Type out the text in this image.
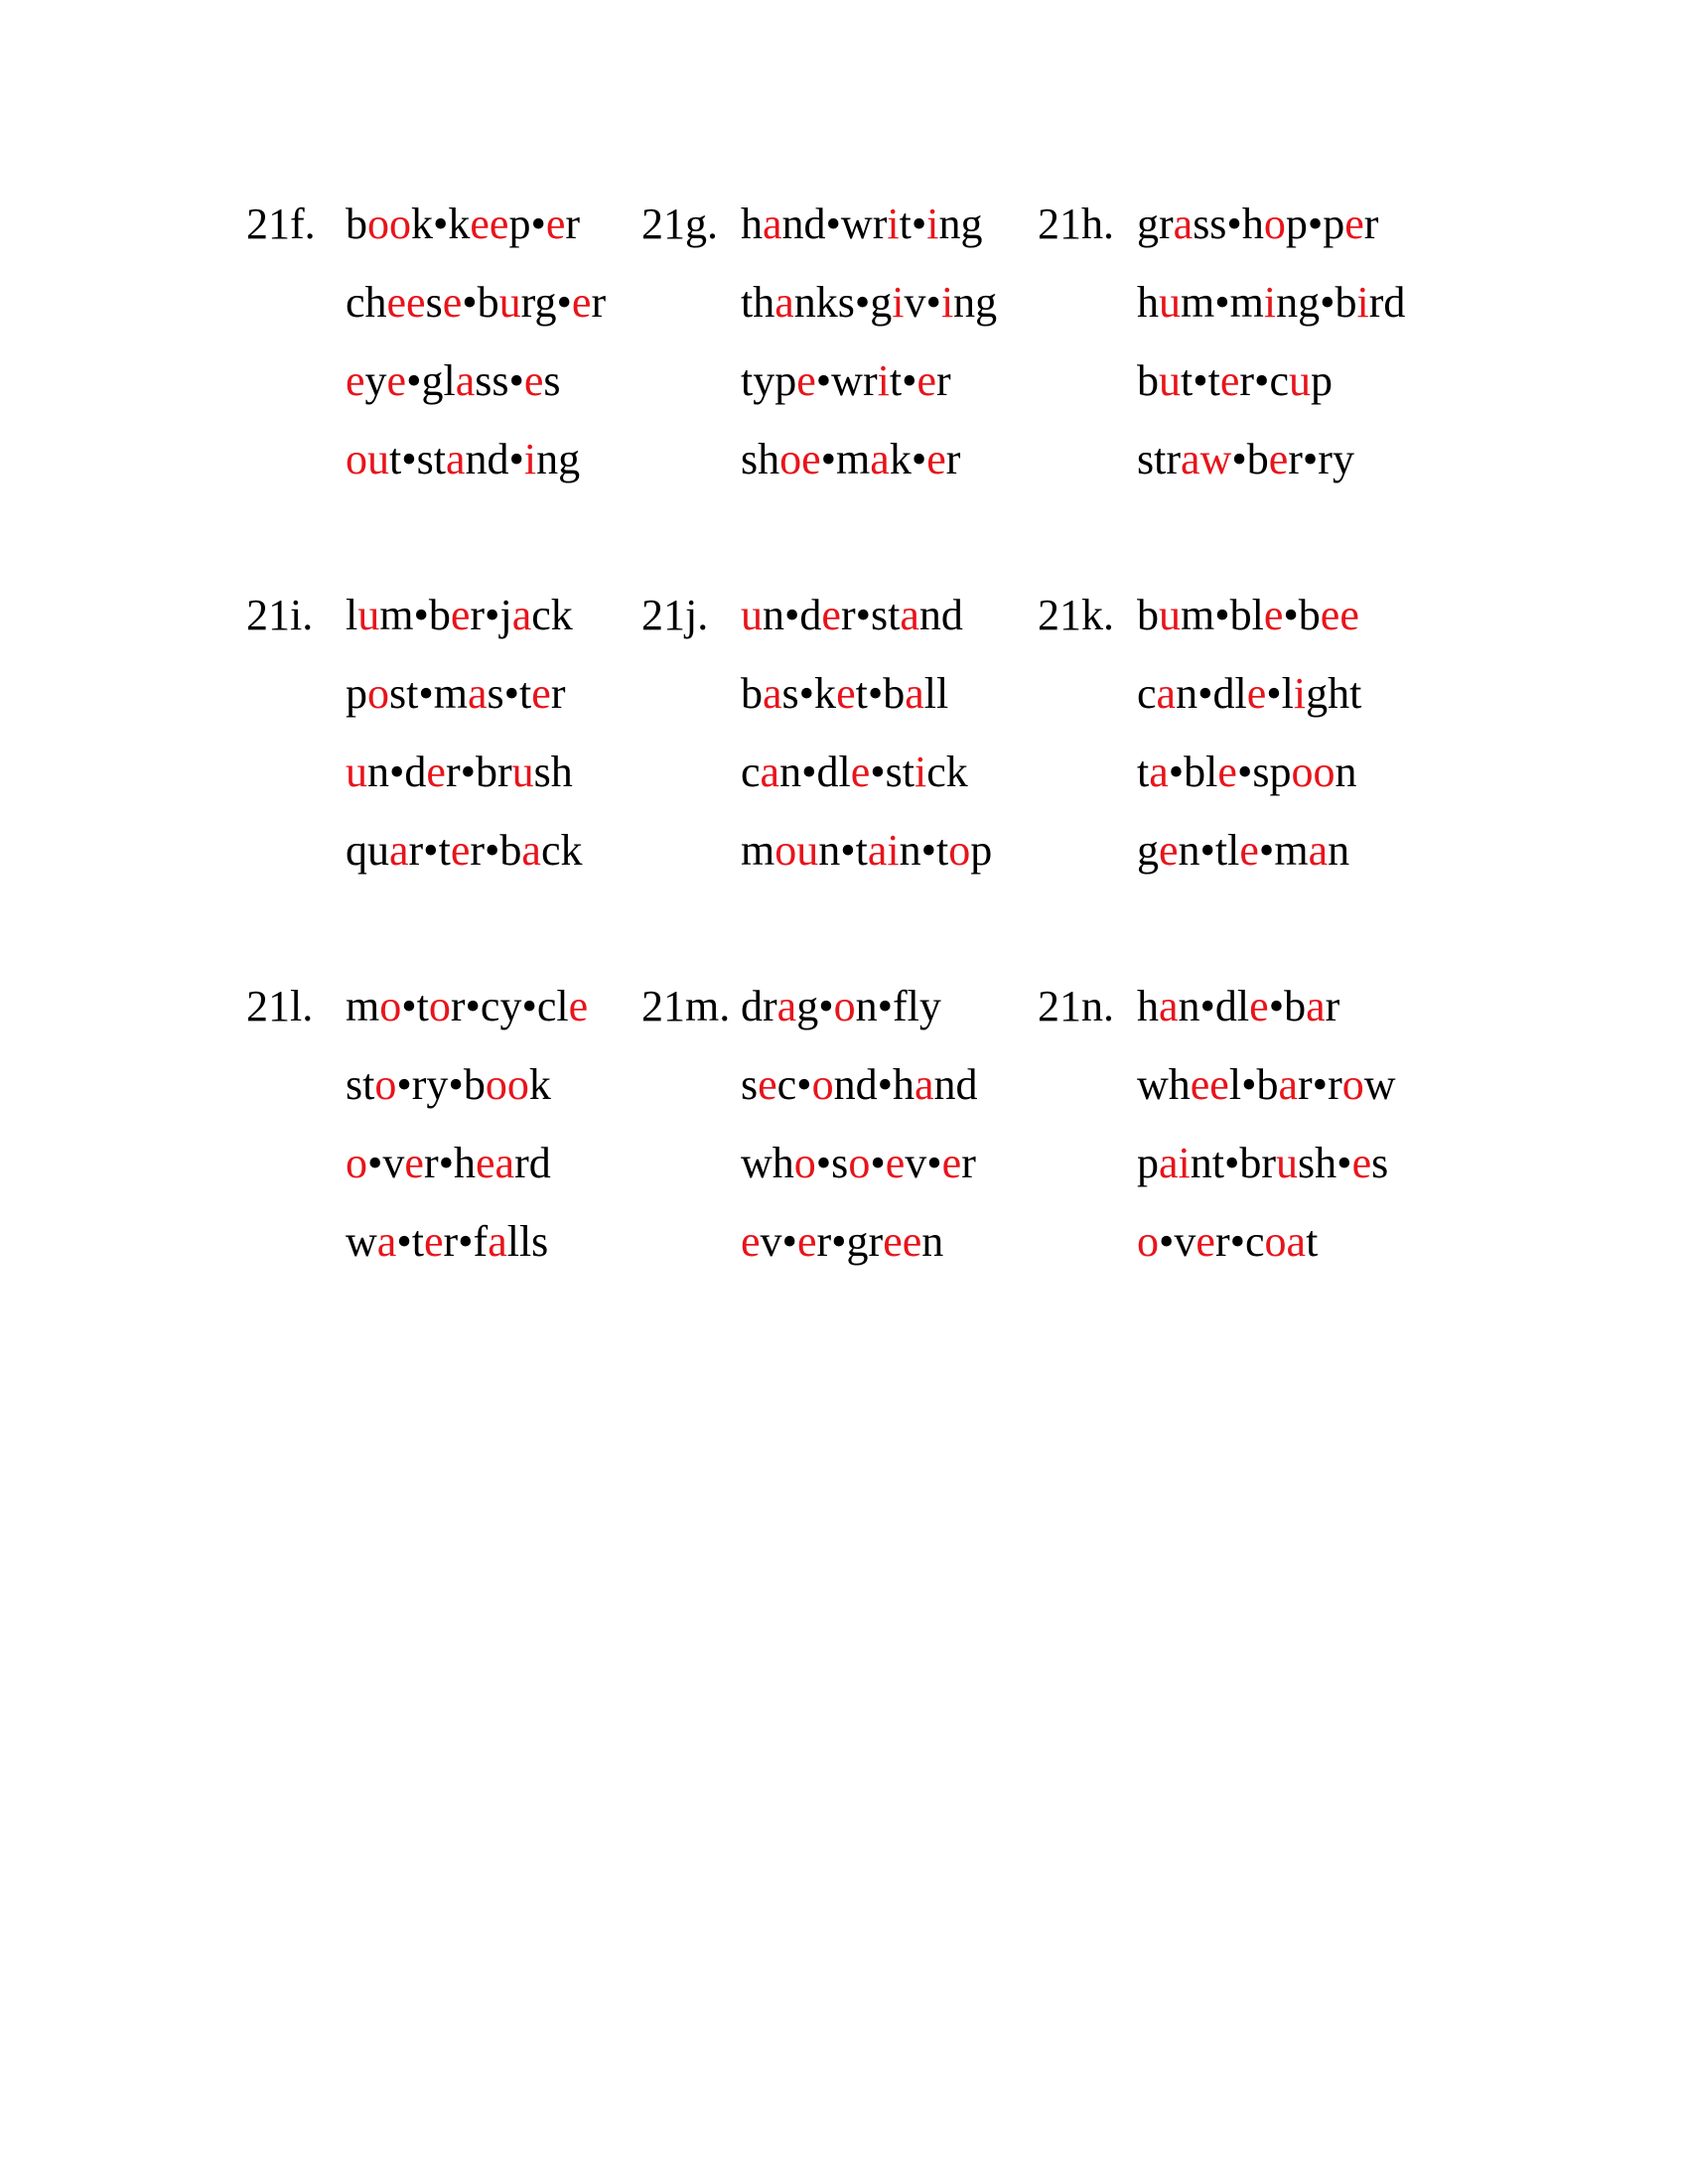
21f. book•keep•er
cheese•burg•er
eye•glass•es
out•stand•ing
21g. hand•writ•ing
thanks•giv•ing
type•writ•er
shoe•mak•er
21h. grass•hop•per
hum•ming•bird
but•ter•cup
straw•ber•ry
21i. lum•ber•jack
post•mas•ter
un•der•brush
quar•ter•back
21j. un•der•stand
bas•ket•ball
can•dle•stick
moun•tain•top
21k. bum•ble•bee
can•dle•light
ta•ble•spoon
gen•tle•man
21l. mo•tor•cy•cle
sto•ry•book
o•ver•heard
wa•ter•falls
21m. drag•on•fly
sec•ond•hand
who•so•ev•er
ev•er•green
21n. han•dle•bar
wheel•bar•row
paint•brush•es
o•ver•coat
